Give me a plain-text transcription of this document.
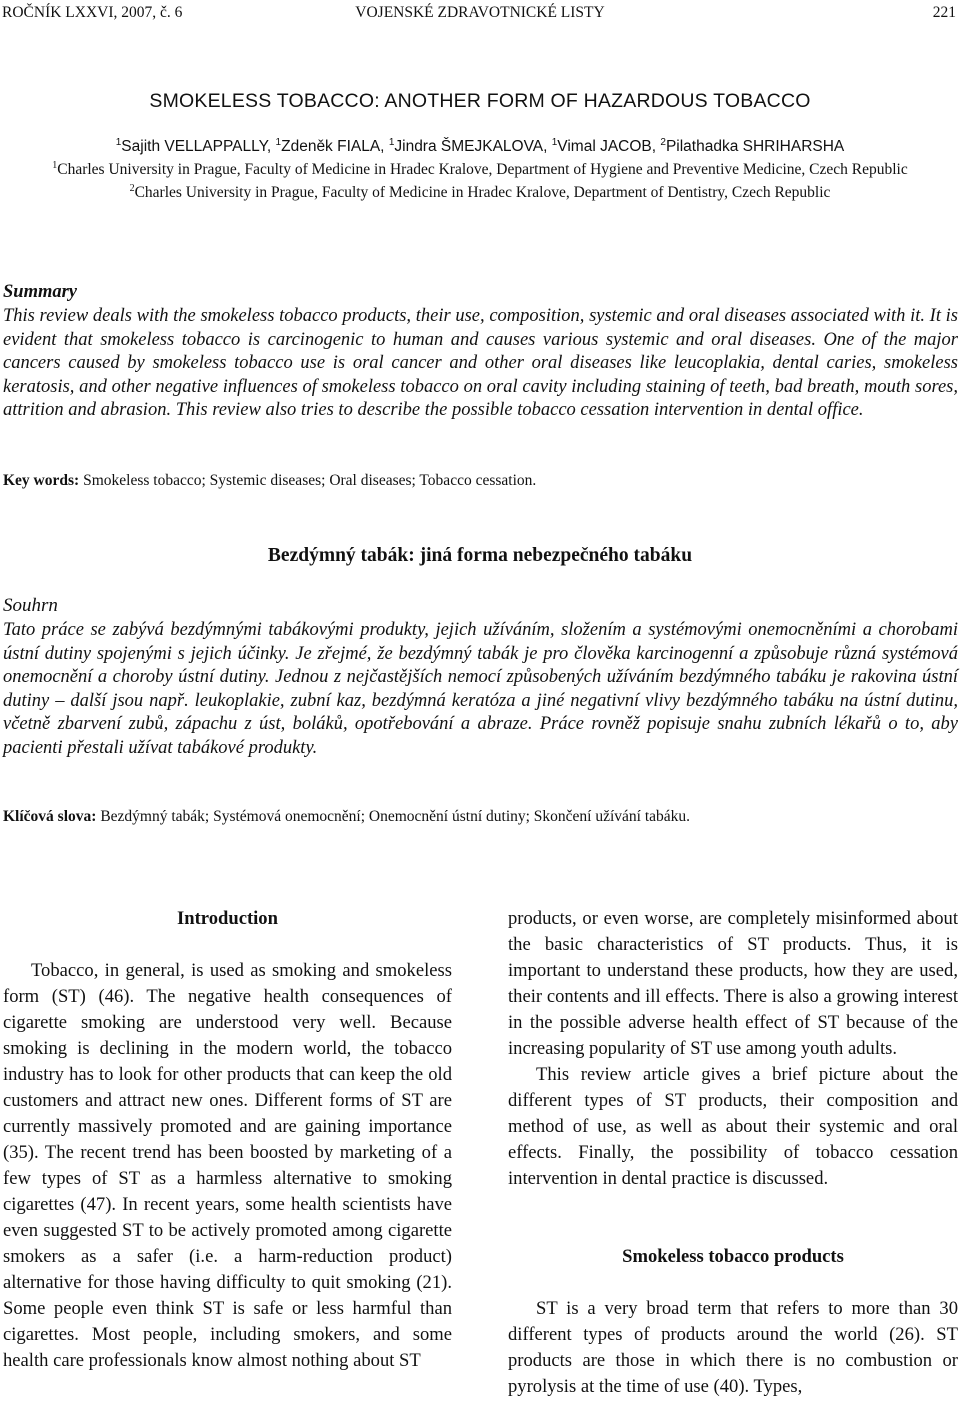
VOJENSKÉ ZDRAVOTNICKÉ LISTY
ROČNÍK LXXVI, 2007, č. 6	221
SMOKELESS TOBACCO: ANOTHER FORM OF HAZARDOUS TOBACCO
$^1$Sajith VELLAPPALLY, $^1$Zdeněk FIALA, $^1$Jindra ŠMEJKALOVA, $^1$Vimal JACOB, $^2$Pilathadka SHRIHARSHA
$^1$Charles University in Prague, Faculty of Medicine in Hradec Kralove, Department of Hygiene and Preventive Medicine, Czech Republic
$^2$Charles University in Prague, Faculty of Medicine in Hradec Kralove, Department of Dentistry, Czech Republic
Summary

This review deals with the smokeless tobacco products, their use, composition, systemic and oral diseases associated with it. It is evident that smokeless tobacco is carcinogenic to human and causes various systemic and oral diseases. One of the major cancers caused by smokeless tobacco use is oral cancer and other oral diseases like leucoplakia, dental caries, smokeless keratosis, and other negative influences of smokeless tobacco on oral cavity including staining of teeth, bad breath, mouth sores, attrition and abrasion. This review also tries to describe the possible tobacco cessation intervention in dental office.

Key words: Smokeless tobacco; Systemic diseases; Oral diseases; Tobacco cessation.
Bezdýmný tabák: jiná forma nebezpečného tabáku
Souhrn

Tato práce se zabývá bezdýmnými tabákovými produkty, jejich užíváním, složením a systémovými onemocněními a chorobami ústní dutiny spojenými s jejich účinky. Je zřejmé, že bezdýmný tabák je pro člověka karcinogenní a způsobuje různá systémová onemocnění a choroby ústní dutiny. Jednou z nejčastějších nemocí způsobených užíváním bezdýmného tabáku je rakovina ústní dutiny – další jsou např. leukoplakie, zubní kaz, bezdýmná keratóza a jiné negativní vlivy bezdýmného tabáku na ústní dutinu, včetně zbarvení zubů, zápachu z úst, boláků, opotřebování a abraze. Práce rovněž popisuje snahu zubních lékařů o to, aby pacienti přestali užívat tabákové produkty.

Klíčová slova: Bezdýmný tabák; Systémová onemocnění; Onemocnění ústní dutiny; Skončení užívání tabáku.
Introduction

Tobacco, in general, is used as smoking and smokeless form (ST) (46). The negative health consequences of cigarette smoking are understood very well. Because smoking is declining in the modern world, the tobacco industry has to look for other products that can keep the old customers and attract new ones. Different forms of ST are currently massively promoted and are gaining importance (35). The recent trend has been boosted by marketing of a few types of ST as a harmless alternative to smoking cigarettes (47). In recent years, some health scientists have even suggested ST to be actively promoted among cigarette smokers as a safer (i.e. a harm-reduction product) alternative for those having difficulty to quit smoking (21). Some people even think ST is safe or less harmful than cigarettes. Most people, including smokers, and some health care professionals know almost nothing about ST

products, or even worse, are completely misinformed about the basic characteristics of ST products. Thus, it is important to understand these products, how they are used, their contents and ill effects. There is also a growing interest in the possible adverse health effect of ST because of the increasing popularity of ST use among youth adults.

This review article gives a brief picture about the different types of ST products, their composition and method of use, as well as about their systemic and oral effects. Finally, the possibility of tobacco cessation intervention in dental practice is discussed.

Smokeless tobacco products

ST is a very broad term that refers to more than 30 different types of products around the world (26). ST products are those in which there is no combustion or pyrolysis at the time of use (40). Types,
